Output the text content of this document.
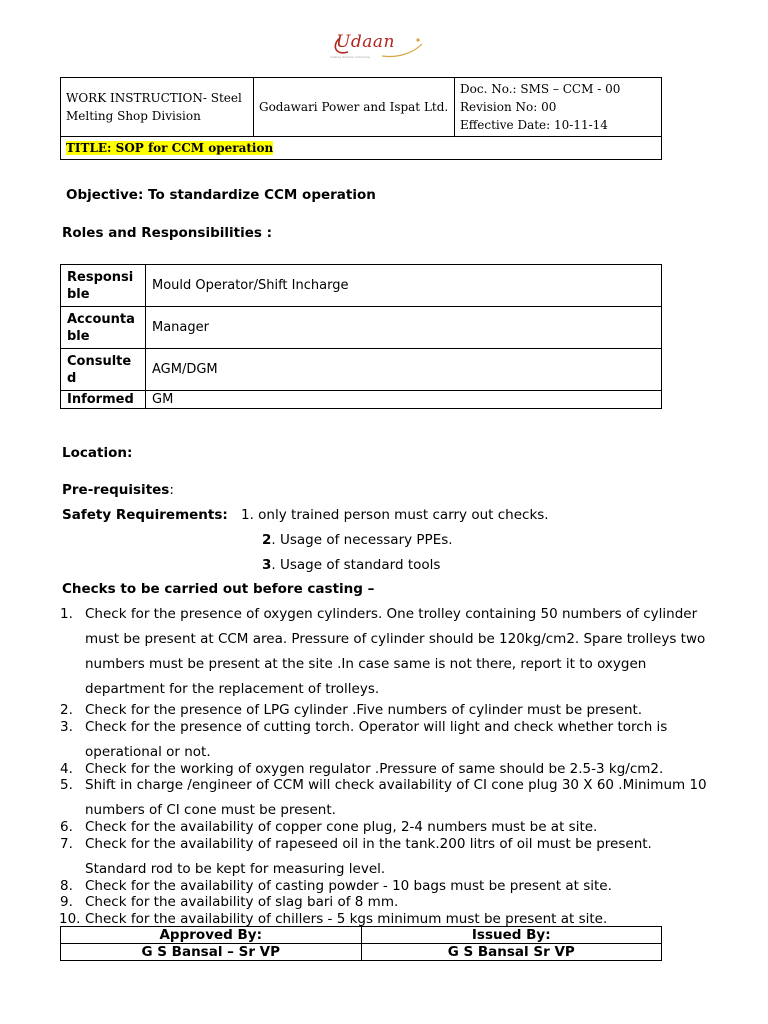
Udaan
making dreams come true
WORK INSTRUCTION- Steel Melting Shop Division	Godawari Power and Ispat Ltd.	
Doc. No.: SMS – CCM - 00
Revision No: 00
Effective Date: 10-11-14

TITLE: SOP for CCM operation
Objective: To standardize CCM operation
Roles and Responsibilities :
Responsible	Mould Operator/Shift Incharge
Accountable	Manager
Consulted	AGM/DGM
Informed	GM
Location:
Pre-requisites:
Safety Requirements: 1. only trained person must carry out checks.
2. Usage of necessary PPEs.
3. Usage of standard tools
Checks to be carried out before casting –
1. Check for the presence of oxygen cylinders. One trolley containing 50 numbers of cylinder must be present at CCM area. Pressure of cylinder should be 120kg/cm2. Spare trolleys two numbers must be present at the site .In case same is not there, report it to oxygen department for the replacement of trolleys.
2. Check for the presence of LPG cylinder .Five numbers of cylinder must be present.
3. Check for the presence of cutting torch. Operator will light and check whether torch is operational or not.
4. Check for the working of oxygen regulator .Pressure of same should be 2.5-3 kg/cm2.
5. Shift in charge /engineer of CCM will check availability of CI cone plug 30 X 60 .Minimum 10 numbers of CI cone must be present.
6. Check for the availability of copper cone plug, 2-4 numbers must be at site.
7. Check for the availability of rapeseed oil in the tank.200 litrs of oil must be present. Standard rod to be kept for measuring level.
8. Check for the availability of casting powder - 10 bags must be present at site.
9. Check for the availability of slag bari of 8 mm.
10. Check for the availability of chillers - 5 kgs minimum must be present at site.
Approved By:	Issued By:
G S Bansal – Sr VP	G S Bansal Sr VP
